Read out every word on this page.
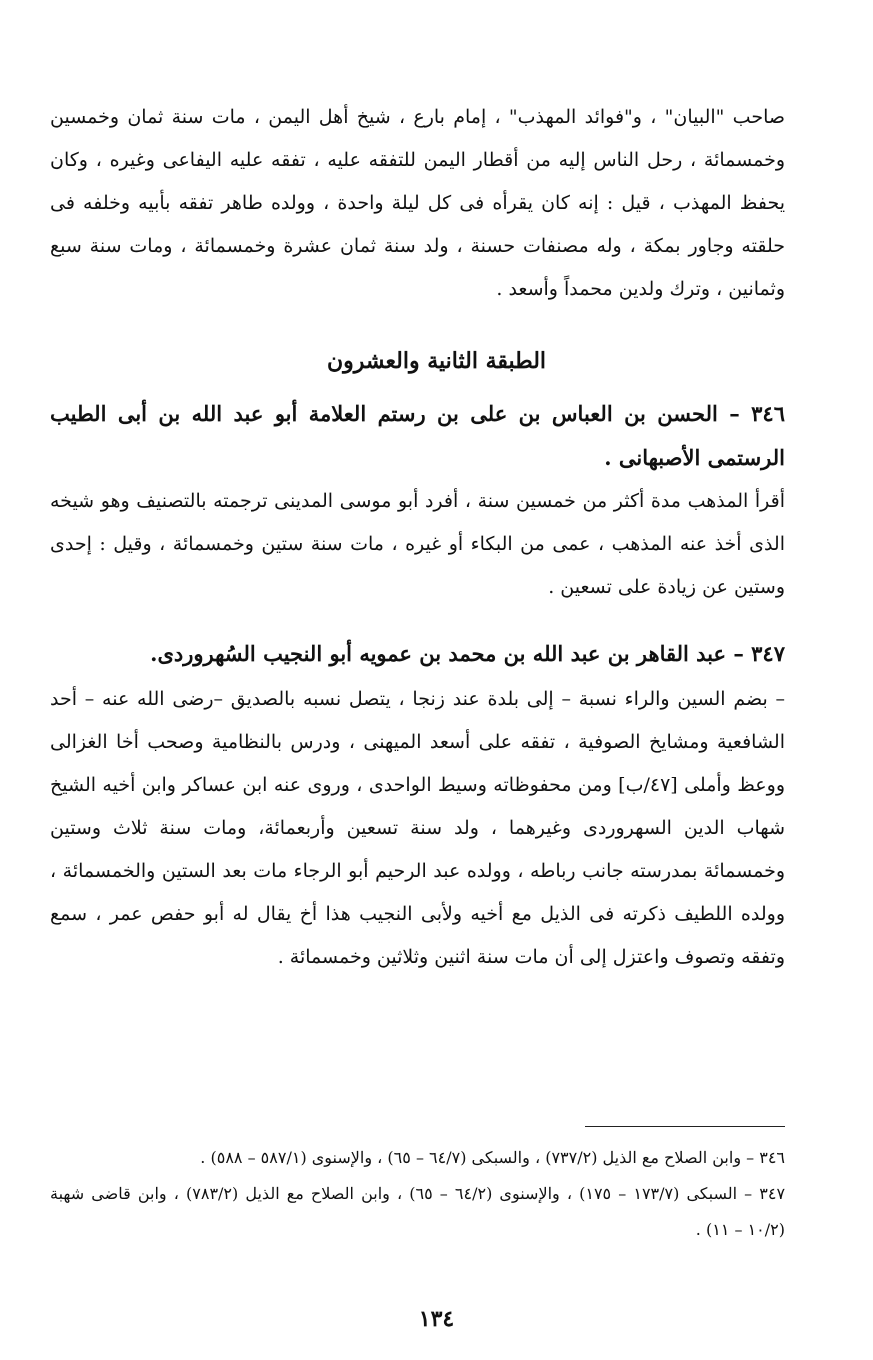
صاحب "البيان" ، و"فوائد المهذب" ، إمام بارع ، شيخ أهل اليمن ، مات سنة ثمان وخمسين وخمسمائة ، رحل الناس إليه من أقطار اليمن للتفقه عليه ، تفقه عليه اليفاعى وغيره ، وكان يحفظ المهذب ، قيل : إنه كان يقرأه فى كل ليلة واحدة ، وولده طاهر تفقه بأبيه وخلفه فى حلقته وجاور بمكة ، وله مصنفات حسنة ، ولد سنة ثمان عشرة وخمسمائة ، ومات سنة سبع وثمانين ، وترك ولدين محمداً وأسعد .

الطبقة الثانية والعشرون
٣٤٦ – الحسن بن العباس بن على بن رستم العلامة أبو عبد الله بن أبى الطيب الرستمى الأصبهانى .

أقرأ المذهب مدة أكثر من خمسين سنة ، أفرد أبو موسى المدينى ترجمته بالتصنيف وهو شيخه الذى أخذ عنه المذهب ، عمى من البكاء أو غيره ، مات سنة ستين وخمسمائة ، وقيل : إحدى وستين عن زيادة على تسعين .

٣٤٧ – عبد القاهر بن عبد الله بن محمد بن عمويه أبو النجيب السُهروردى.

– بضم السين والراء نسبة – إلى بلدة عند زنجا ، يتصل نسبه بالصديق –رضى الله عنه – أحد الشافعية ومشايخ الصوفية ، تفقه على أسعد الميهنى ، ودرس بالنظامية وصحب أخا الغزالى ووعظ وأملى [٤٧/ب] ومن محفوظاته وسيط الواحدى ، وروى عنه ابن عساكر وابن أخيه الشيخ شهاب الدين السهروردى وغيرهما ، ولد سنة تسعين وأربعمائة، ومات سنة ثلاث وستين وخمسمائة بمدرسته جانب رباطه ، وولده عبد الرحيم أبو الرجاء مات بعد الستين والخمسمائة ، وولده اللطيف ذكرته فى الذيل مع أخيه ولأبى النجيب هذا أخ يقال له أبو حفص عمر ، سمع وتفقه وتصوف واعتزل إلى أن مات سنة اثنين وثلاثين وخمسمائة .

٣٤٦ – وابن الصلاح مع الذيل (٧٣٧/٢) ، والسبكى (٦٤/٧ – ٦٥) ، والإسنوى (٥٨٧/١ – ٥٨٨) .
٣٤٧ – السبكى (١٧٣/٧ – ١٧٥) ، والإسنوى (٦٤/٢ – ٦٥) ، وابن الصلاح مع الذيل (٧٨٣/٢) ، وابن قاضى شهبة (١٠/٢ – ١١) .
١٣٤
